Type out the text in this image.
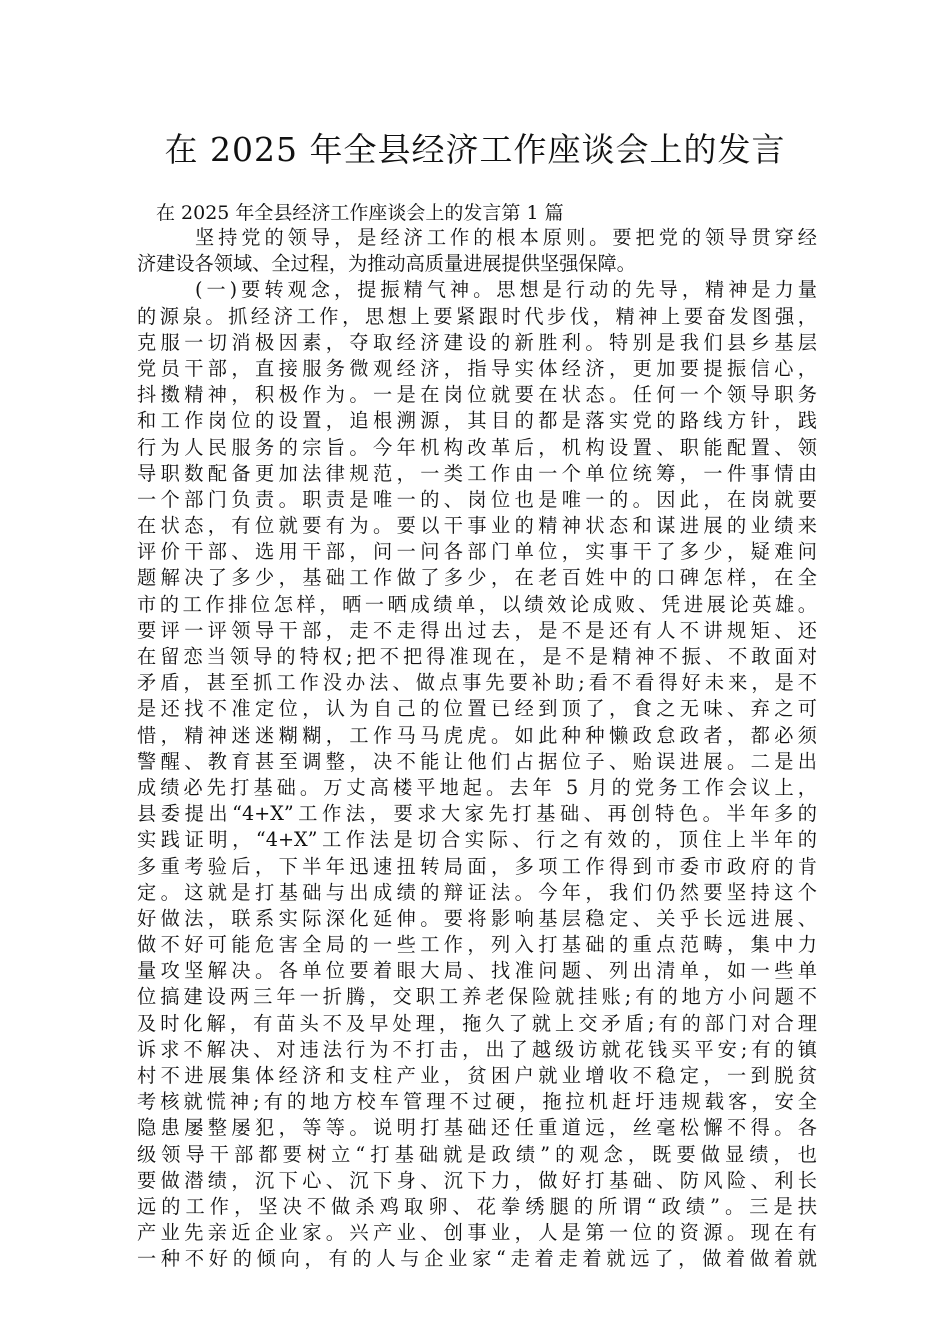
在 2025 年全县经济工作座谈会上的发言
在 2025 年全县经济工作座谈会上的发言第 1 篇
坚持党的领导，是经济工作的根本原则。要把党的领导贯穿经
济建设各领域、全过程，为推动高质量进展提供坚强保障。
(一)要转观念，提振精气神。思想是行动的先导，精神是力量
的源泉。抓经济工作，思想上要紧跟时代步伐，精神上要奋发图强，
克服一切消极因素，夺取经济建设的新胜利。特别是我们县乡基层
党员干部，直接服务微观经济，指导实体经济，更加要提振信心，
抖擞精神，积极作为。一是在岗位就要在状态。任何一个领导职务
和工作岗位的设置，追根溯源，其目的都是落实党的路线方针，践
行为人民服务的宗旨。今年机构改革后，机构设置、职能配置、领
导职数配备更加法律规范，一类工作由一个单位统筹，一件事情由
一个部门负责。职责是唯一的、岗位也是唯一的。因此，在岗就要
在状态，有位就要有为。要以干事业的精神状态和谋进展的业绩来
评价干部、选用干部，问一问各部门单位，实事干了多少，疑难问
题解决了多少，基础工作做了多少，在老百姓中的口碑怎样，在全
市的工作排位怎样，晒一晒成绩单，以绩效论成败、凭进展论英雄。
要评一评领导干部，走不走得出过去，是不是还有人不讲规矩、还
在留恋当领导的特权;把不把得准现在，是不是精神不振、不敢面对
矛盾，甚至抓工作没办法、做点事先要补助;看不看得好未来，是不
是还找不准定位，认为自己的位置已经到顶了，食之无味、弃之可
惜，精神迷迷糊糊，工作马马虎虎。如此种种懒政怠政者，都必须
警醒、教育甚至调整，决不能让他们占据位子、贻误进展。二是出
成绩必先打基础。万丈高楼平地起。去年 5 月的党务工作会议上，
县委提出“4+X”工作法，要求大家先打基础、再创特色。半年多的
实践证明，“4+X”工作法是切合实际、行之有效的，顶住上半年的
多重考验后，下半年迅速扭转局面，多项工作得到市委市政府的肯
定。这就是打基础与出成绩的辩证法。今年，我们仍然要坚持这个
好做法，联系实际深化延伸。要将影响基层稳定、关乎长远进展、
做不好可能危害全局的一些工作，列入打基础的重点范畴，集中力
量攻坚解决。各单位要着眼大局、找准问题、列出清单，如一些单
位搞建设两三年一折腾，交职工养老保险就挂账;有的地方小问题不
及时化解，有苗头不及早处理，拖久了就上交矛盾;有的部门对合理
诉求不解决、对违法行为不打击，出了越级访就花钱买平安;有的镇
村不进展集体经济和支柱产业，贫困户就业增收不稳定，一到脱贫
考核就慌神;有的地方校车管理不过硬，拖拉机赶圩违规载客，安全
隐患屡整屡犯，等等。说明打基础还任重道远，丝毫松懈不得。各
级领导干部都要树立“打基础就是政绩”的观念，既要做显绩，也
要做潜绩，沉下心、沉下身、沉下力，做好打基础、防风险、利长
远的工作，坚决不做杀鸡取卵、花拳绣腿的所谓“政绩”。三是扶
产业先亲近企业家。兴产业、创事业，人是第一位的资源。现在有
一种不好的倾向，有的人与企业家“走着走着就远了，做着做着就
